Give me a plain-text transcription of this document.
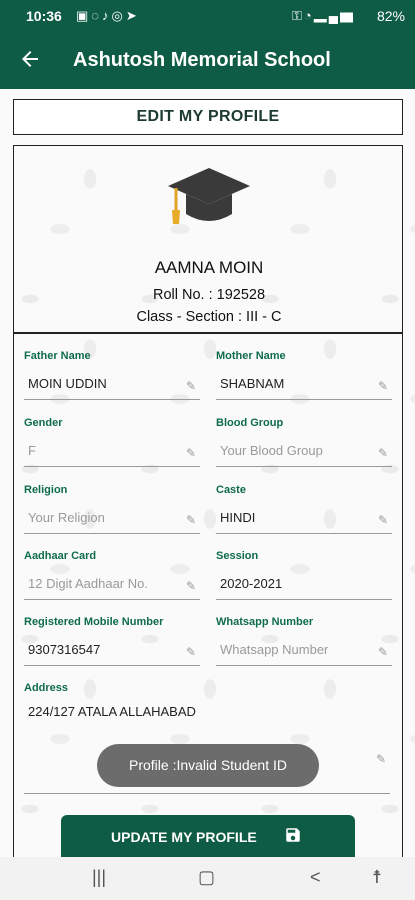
10:36 ▣◌♪◎➤	⚿◔▂▄▆ 82%
Ashutosh Memorial School
EDIT MY PROFILE
AAMNA MOIN
Roll No. : 192528
Class - Section : III - C
Father Name
MOIN UDDIN	✎
Mother Name
SHABNAM	✎
Gender
F	✎
Blood Group
Your Blood Group	✎
Religion
Your Religion	✎
Caste
HINDI	✎
Aadhaar Card
12 Digit Aadhaar No.	✎
Session
2020-2021
Registered Mobile Number
9307316547	✎
Whatsapp Number
Whatsapp Number	✎
Address
224/127 ATALA ALLAHABAD
✎
Profile :Invalid Student ID
UPDATE MY PROFILE
|||	▢	<	☨
